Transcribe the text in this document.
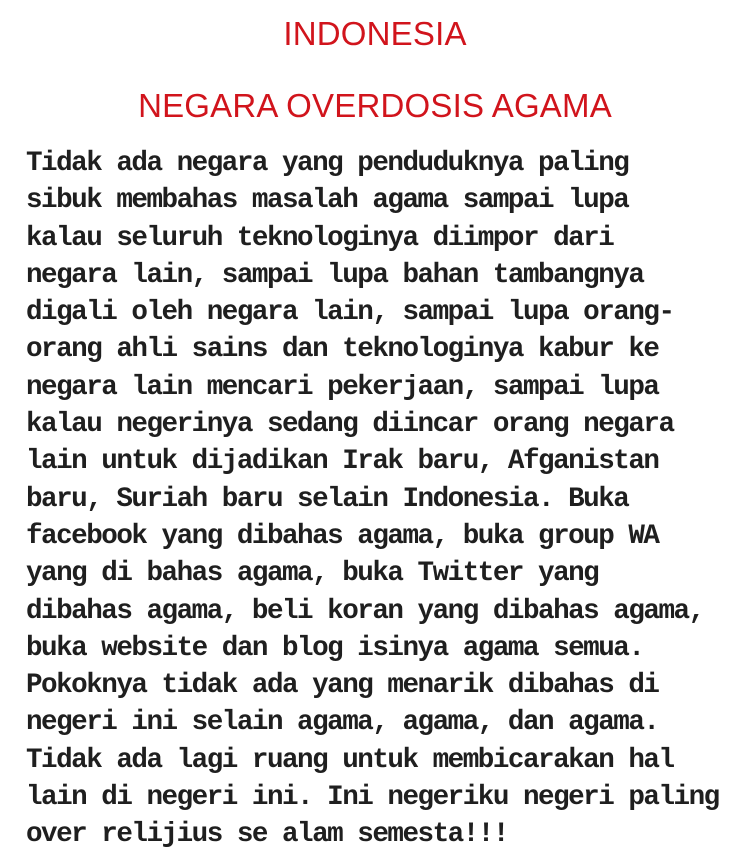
INDONESIA
NEGARA OVERDOSIS AGAMA
Tidak ada negara yang penduduknya paling
sibuk membahas masalah agama sampai lupa
kalau seluruh teknologinya diimpor dari
negara lain, sampai lupa bahan tambangnya
digali oleh negara lain, sampai lupa orang-
orang ahli sains dan teknologinya kabur ke
negara lain mencari pekerjaan, sampai lupa
kalau negerinya sedang diincar orang negara
lain untuk dijadikan Irak baru, Afganistan
baru, Suriah baru selain Indonesia. Buka
facebook yang dibahas agama, buka group WA
yang di bahas agama, buka Twitter yang
dibahas agama, beli koran yang dibahas agama,
buka website dan blog isinya agama semua.
Pokoknya tidak ada yang menarik dibahas di
negeri ini selain agama, agama, dan agama.
Tidak ada lagi ruang untuk membicarakan hal
lain di negeri ini. Ini negeriku negeri paling
over relijius se alam semesta!!!
